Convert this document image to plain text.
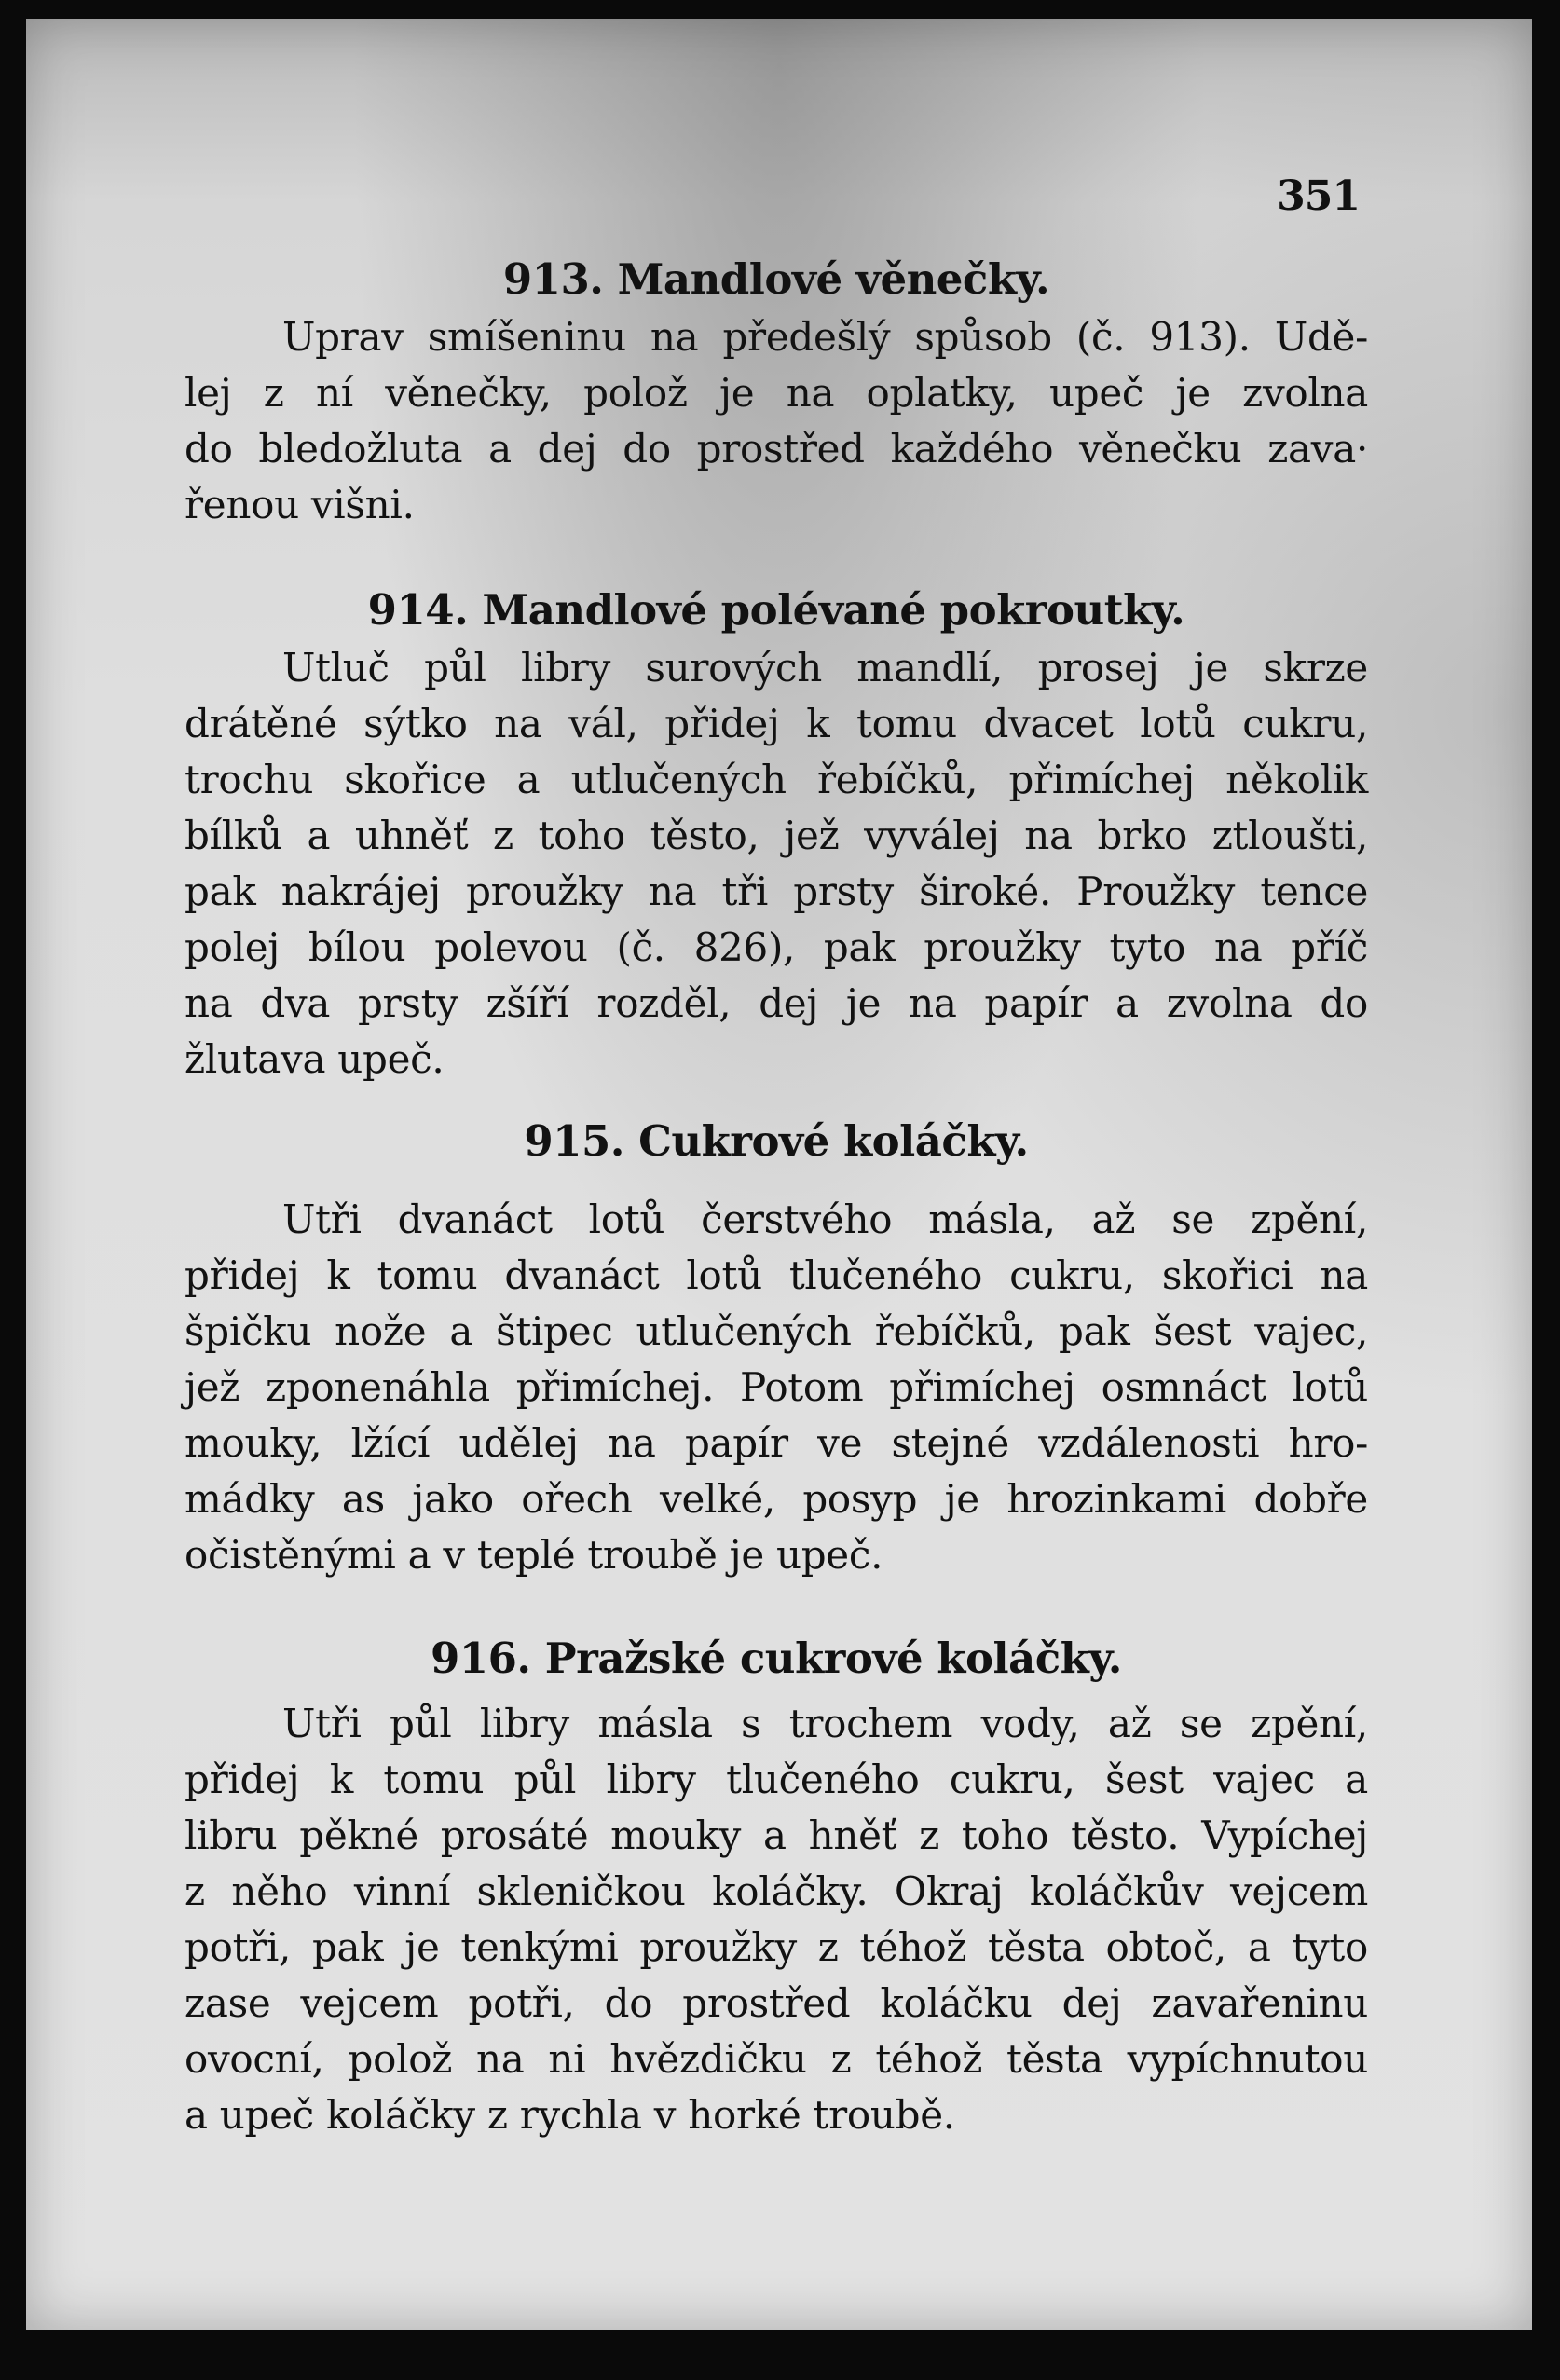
351
913. Mandlové věnečky.

Uprav smíšeninu na předešlý spůsob (č. 913). Udě-
lej z ní věnečky, polož je na oplatky, upeč je zvolna
do bledožluta a dej do prostřed každého věnečku zava·
řenou višni.

914. Mandlové polévané pokroutky.

Utluč půl libry surových mandlí, prosej je skrze
drátěné sýtko na vál, přidej k tomu dvacet lotů cukru,
trochu skořice a utlučených řebíčků, přimíchej několik
bílků a uhněť z toho těsto, jež vyválej na brko ztloušti,
pak nakrájej proužky na tři prsty široké. Proužky tence
polej bílou polevou (č. 826), pak proužky tyto na příč
na dva prsty zšíří rozděl, dej je na papír a zvolna do
žlutava upeč.

915. Cukrové koláčky.

Utři dvanáct lotů čerstvého másla, až se zpění,
přidej k tomu dvanáct lotů tlučeného cukru, skořici na
špičku nože a štipec utlučených řebíčků, pak šest vajec,
jež zponenáhla přimíchej. Potom přimíchej osmnáct lotů
mouky, lžící udělej na papír ve stejné vzdálenosti hro-
mádky as jako ořech velké, posyp je hrozinkami dobře
očistěnými a v teplé troubě je upeč.

916. Pražské cukrové koláčky.

Utři půl libry másla s trochem vody, až se zpění,
přidej k tomu půl libry tlučeného cukru, šest vajec a
libru pěkné prosáté mouky a hněť z toho těsto. Vypíchej
z něho vinní skleničkou koláčky. Okraj koláčkův vejcem
potři, pak je tenkými proužky z téhož těsta obtoč, a tyto
zase vejcem potři, do prostřed koláčku dej zavařeninu
ovocní, polož na ni hvězdičku z téhož těsta vypíchnutou
a upeč koláčky z rychla v horké troubě.
